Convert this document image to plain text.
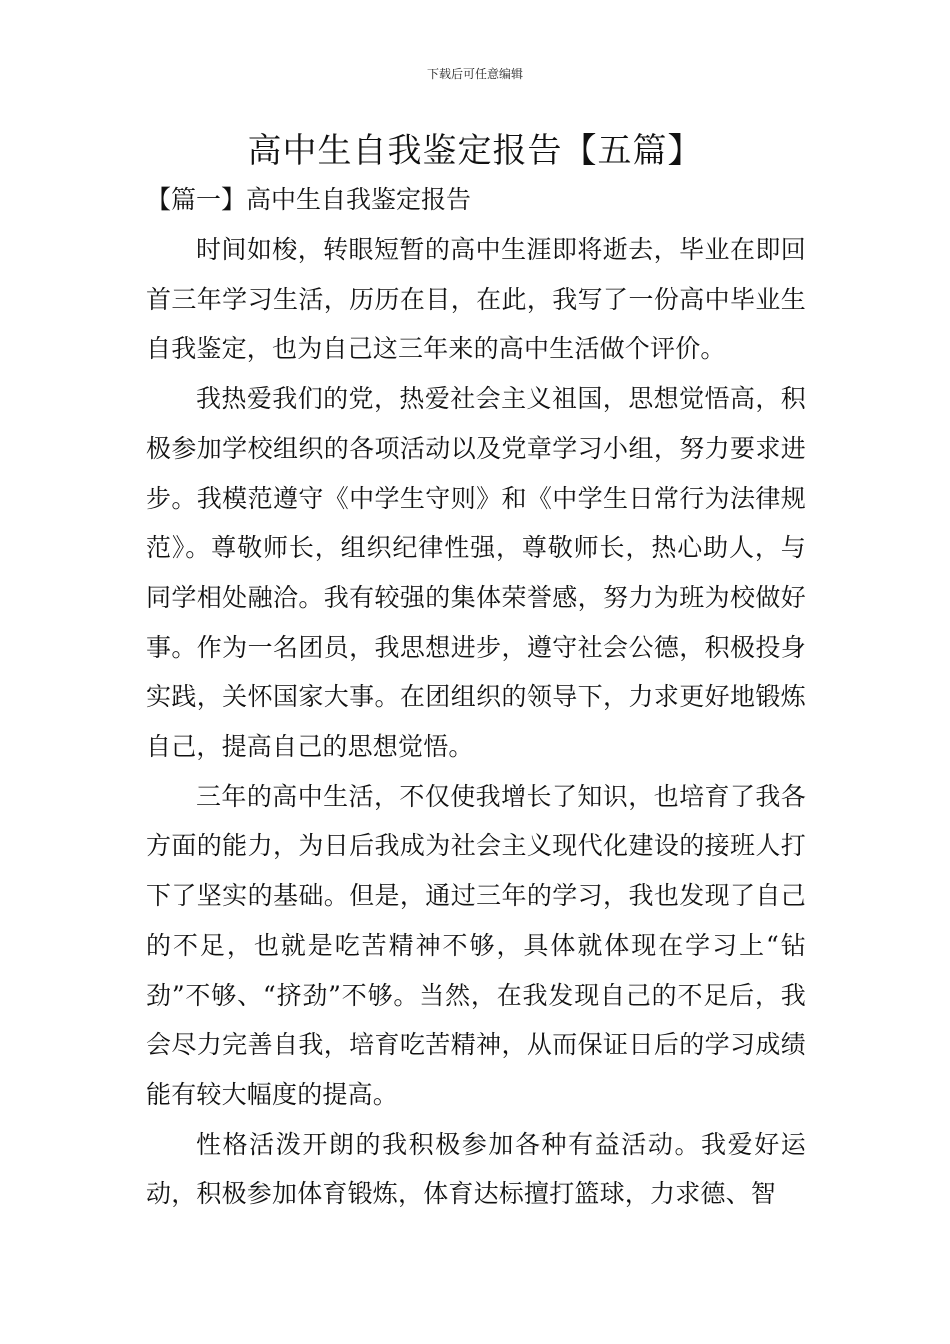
下载后可任意编辑
高中生自我鉴定报告【五篇】
【篇一】高中生自我鉴定报告

时间如梭，转眼短暂的高中生涯即将逝去，毕业在即回首三年学习生活，历历在目，在此，我写了一份高中毕业生自我鉴定，也为自己这三年来的高中生活做个评价。

我热爱我们的党，热爱社会主义祖国，思想觉悟高，积极参加学校组织的各项活动以及党章学习小组，努力要求进步。我模范遵守《中学生守则》和《中学生日常行为法律规范》。尊敬师长，组织纪律性强，尊敬师长，热心助人，与同学相处融洽。我有较强的集体荣誉感，努力为班为校做好事。作为一名团员，我思想进步，遵守社会公德，积极投身实践，关怀国家大事。在团组织的领导下，力求更好地锻炼自己，提高自己的思想觉悟。

三年的高中生活，不仅使我增长了知识，也培育了我各方面的能力，为日后我成为社会主义现代化建设的接班人打下了坚实的基础。但是，通过三年的学习，我也发现了自己的不足，也就是吃苦精神不够，具体就体现在学习上“钻劲”不够、“挤劲”不够。当然，在我发现自己的不足后，我会尽力完善自我，培育吃苦精神，从而保证日后的学习成绩能有较大幅度的提高。

性格活泼开朗的我积极参加各种有益活动。我爱好运动，积极参加体育锻炼，体育达标擅打篮球，力求德、智
